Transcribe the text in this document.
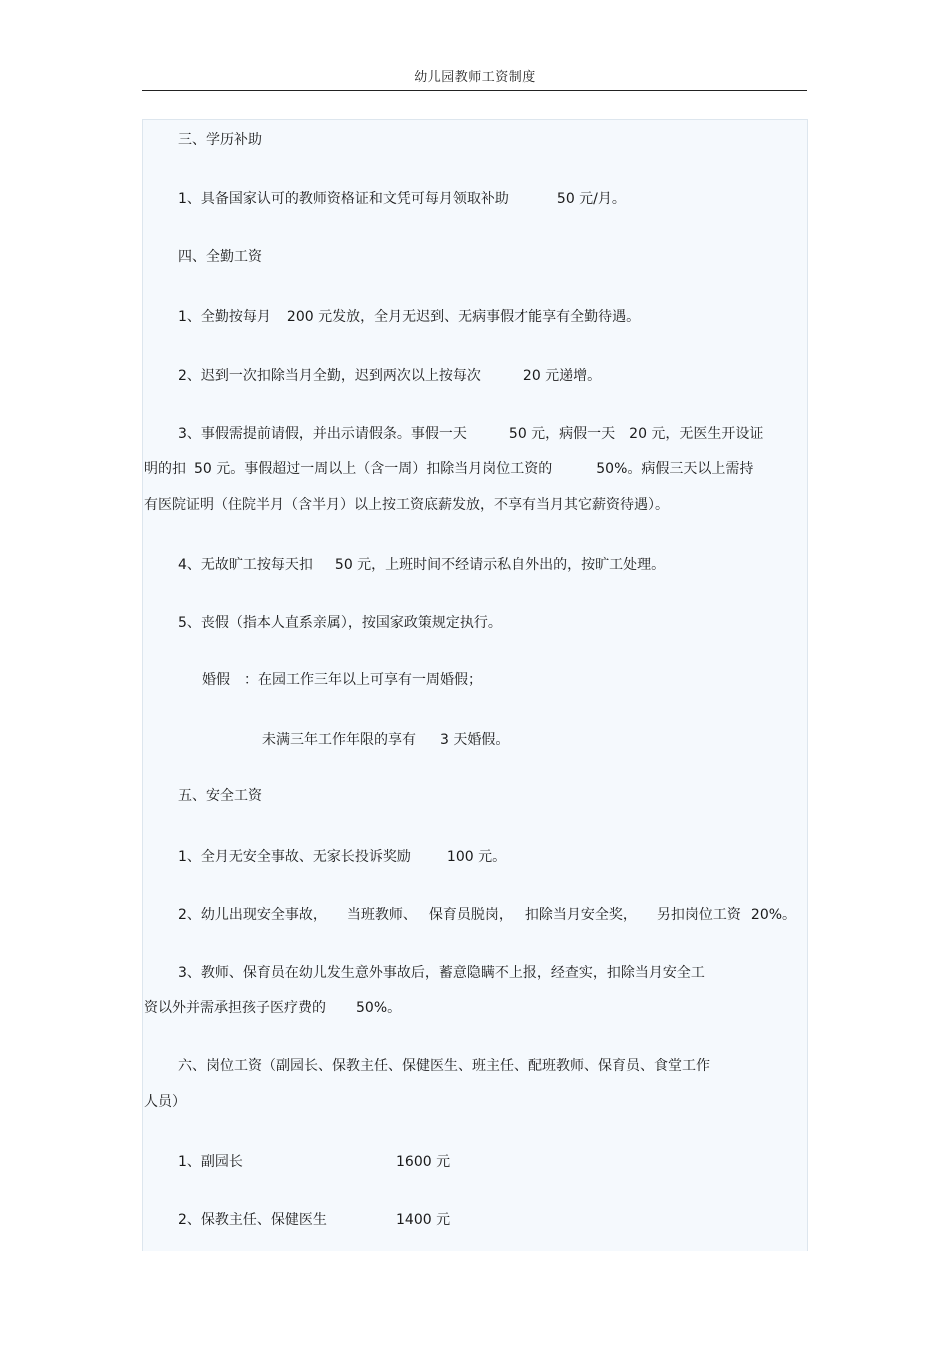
幼儿园教师工资制度
三、学历补助
1、具备国家认可的教师资格证和文凭可每月领取补助	50 元/月。
四、全勤工资
1、全勤按每月 200 元发放，全月无迟到、无病事假才能享有全勤待遇。
2、迟到一次扣除当月全勤，迟到两次以上按每次	20 元递增。
3、事假需提前请假，并出示请假条。事假一天	50 元，病假一天 20 元，无医生开设证
明的扣 50 元。事假超过一周以上（含一周）扣除当月岗位工资的	50%。病假三天以上需持
有医院证明（住院半月（含半月）以上按工资底薪发放，不享有当月其它薪资待遇）。
4、无故旷工按每天扣 50 元，上班时间不经请示私自外出的，按旷工处理。
5、丧假（指本人直系亲属），按国家政策规定执行。
婚假 ：在园工作三年以上可享有一周婚假；
未满三年工作年限的享有 3 天婚假。
五、安全工资
1、全月无安全事故、无家长投诉奖励	100 元。
2、幼儿出现安全事故， 当班教师、 保育员脱岗， 扣除当月安全奖， 另扣岗位工资 20%。
3、教师、保育员在幼儿发生意外事故后，蓄意隐瞒不上报，经查实，扣除当月安全工
资以外并需承担孩子医疗费的 50%。
六、岗位工资（副园长、保教主任、保健医生、班主任、配班教师、保育员、食堂工作
人员）
1、副园长	1600 元
2、保教主任、保健医生	1400 元
